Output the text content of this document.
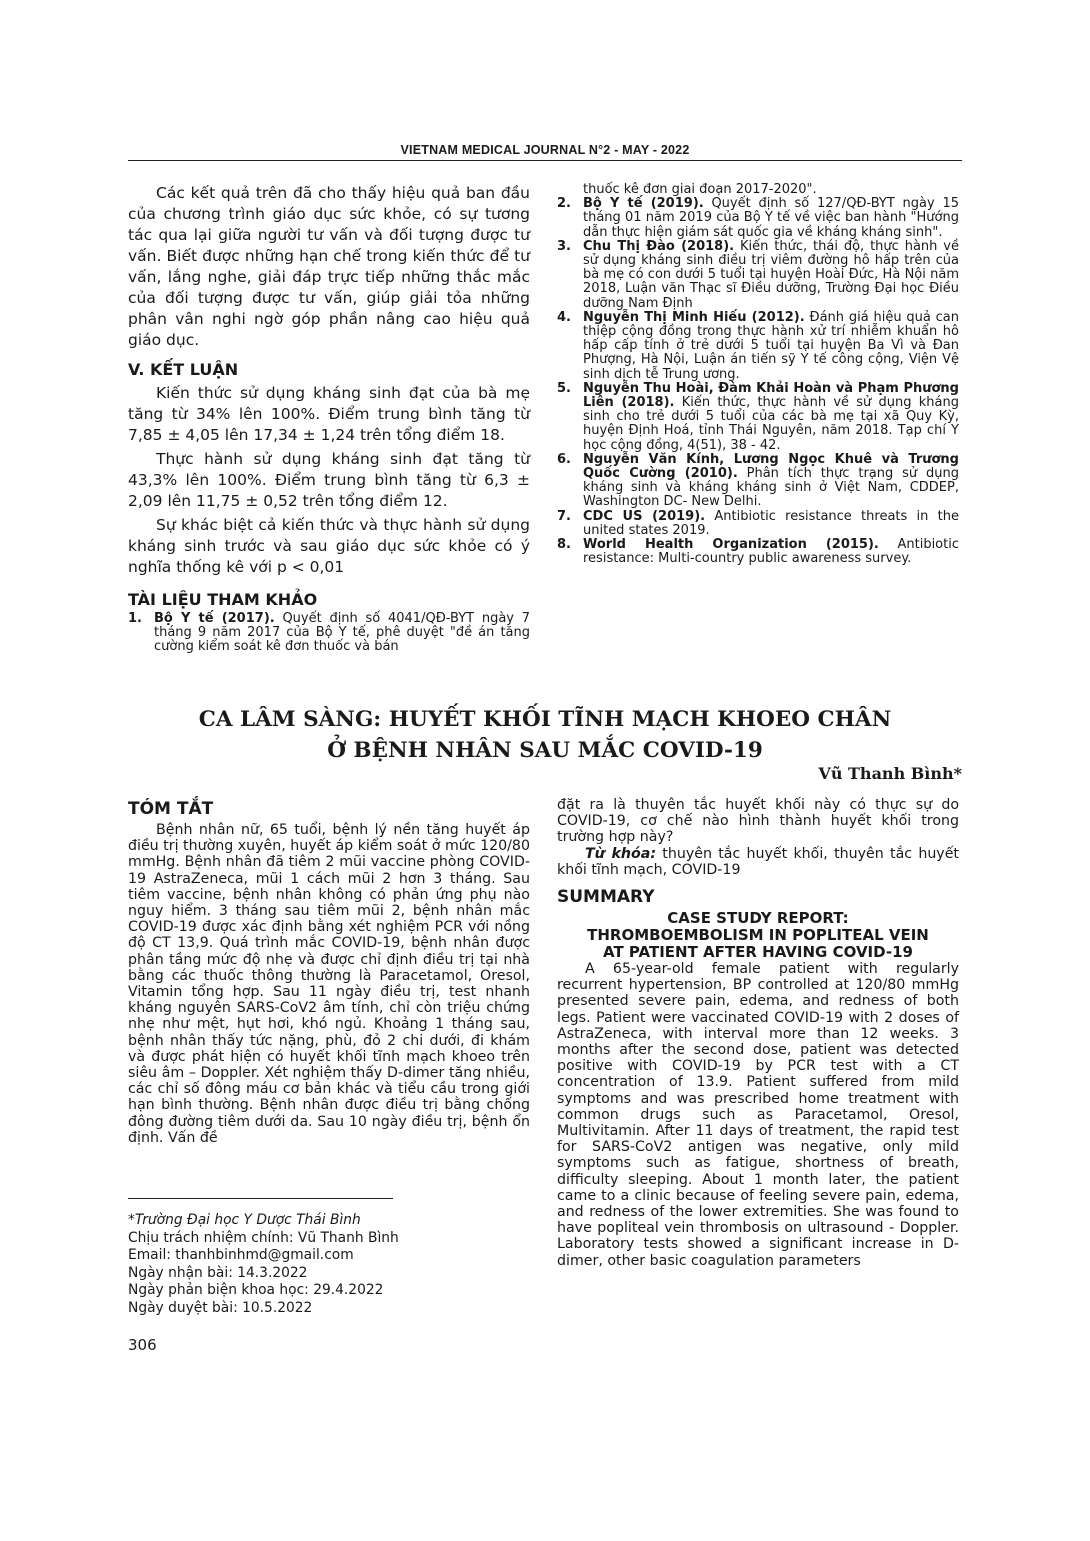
VIETNAM MEDICAL JOURNAL N°2 - MAY - 2022

Các kết quả trên đã cho thấy hiệu quả ban đầu của chương trình giáo dục sức khỏe, có sự tương tác qua lại giữa người tư vấn và đối tượng được tư vấn. Biết được những hạn chế trong kiến thức để tư vấn, lắng nghe, giải đáp trực tiếp những thắc mắc của đối tượng được tư vấn, giúp giải tỏa những phân vân nghi ngờ góp phần nâng cao hiệu quả giáo dục.

V. KẾT LUẬN

Kiến thức sử dụng kháng sinh đạt của bà mẹ tăng từ 34% lên 100%. Điểm trung bình tăng từ 7,85 ± 4,05 lên 17,34 ± 1,24 trên tổng điểm 18.

Thực hành sử dụng kháng sinh đạt tăng từ 43,3% lên 100%. Điểm trung bình tăng từ 6,3 ± 2,09 lên 11,75 ± 0,52 trên tổng điểm 12.

Sự khác biệt cả kiến thức và thực hành sử dụng kháng sinh trước và sau giáo dục sức khỏe có ý nghĩa thống kê với p < 0,01

TÀI LIỆU THAM KHẢO
1. Bộ Y tế (2017). Quyết định số 4041/QĐ-BYT ngày 7 tháng 9 năm 2017 của Bộ Y tế, phê duyệt "đề án tăng cường kiểm soát kê đơn thuốc và bán
thuốc kê đơn giai đoạn 2017-2020".
2. Bộ Y tế (2019). Quyết định số 127/QĐ-BYT ngày 15 tháng 01 năm 2019 của Bộ Y tế về việc ban hành "Hướng dẫn thực hiện giám sát quốc gia về kháng kháng sinh".
3. Chu Thị Đào (2018). Kiến thức, thái độ, thực hành về sử dụng kháng sinh điều trị viêm đường hô hấp trên của bà mẹ có con dưới 5 tuổi tại huyện Hoài Đức, Hà Nội năm 2018, Luận văn Thạc sĩ Điều dưỡng, Trường Đại học Điều dưỡng Nam Định
4. Nguyễn Thị Minh Hiếu (2012). Đánh giá hiệu quả can thiệp cộng đồng trong thực hành xử trí nhiễm khuẩn hô hấp cấp tính ở trẻ dưới 5 tuổi tại huyện Ba Vì và Đan Phượng, Hà Nội, Luận án tiến sỹ Y tế công cộng, Viện Vệ sinh dịch tễ Trung ương.
5. Nguyễn Thu Hoài, Đàm Khải Hoàn và Phạm Phương Liên (2018). Kiến thức, thực hành về sử dụng kháng sinh cho trẻ dưới 5 tuổi của các bà mẹ tại xã Quy Kỳ, huyện Định Hoá, tỉnh Thái Nguyên, năm 2018. Tạp chí Y học cộng đồng, 4(51), 38 - 42.
6. Nguyễn Văn Kính, Lương Ngọc Khuê và Trương Quốc Cường (2010). Phân tích thực trạng sử dụng kháng sinh và kháng kháng sinh ở Việt Nam, CDDEP, Washington DC- New Delhi.
7. CDC US (2019). Antibiotic resistance threats in the united states 2019.
8. World Health Organization (2015). Antibiotic resistance: Multi-country public awareness survey.
CA LÂM SÀNG: HUYẾT KHỐI TĨNH MẠCH KHOEO CHÂN
Ở BỆNH NHÂN SAU MẮC COVID-19
Vũ Thanh Bình*
TÓM TẮT

Bệnh nhân nữ, 65 tuổi, bệnh lý nền tăng huyết áp điều trị thường xuyên, huyết áp kiểm soát ở mức 120/80 mmHg. Bệnh nhân đã tiêm 2 mũi vaccine phòng COVID-19 AstraZeneca, mũi 1 cách mũi 2 hơn 3 tháng. Sau tiêm vaccine, bệnh nhân không có phản ứng phụ nào nguy hiểm. 3 tháng sau tiêm mũi 2, bệnh nhân mắc COVID-19 được xác định bằng xét nghiệm PCR với nồng độ CT 13,9. Quá trình mắc COVID-19, bệnh nhân được phân tầng mức độ nhẹ và được chỉ định điều trị tại nhà bằng các thuốc thông thường là Paracetamol, Oresol, Vitamin tổng hợp. Sau 11 ngày điều trị, test nhanh kháng nguyên SARS-CoV2 âm tính, chỉ còn triệu chứng nhẹ như mệt, hụt hơi, khó ngủ. Khoảng 1 tháng sau, bệnh nhân thấy tức nặng, phù, đỏ 2 chi dưới, đi khám và được phát hiện có huyết khối tĩnh mạch khoeo trên siêu âm – Doppler. Xét nghiệm thấy D-dimer tăng nhiều, các chỉ số đông máu cơ bản khác và tiểu cầu trong giới hạn bình thường. Bệnh nhân được điều trị bằng chống đông đường tiêm dưới da. Sau 10 ngày điều trị, bệnh ổn định. Vấn đề

đặt ra là thuyên tắc huyết khối này có thực sự do COVID-19, cơ chế nào hình thành huyết khối trong trường hợp này?

Từ khóa: thuyên tắc huyết khối, thuyên tắc huyết khối tĩnh mạch, COVID-19

SUMMARY
CASE STUDY REPORT:
THROMBOEMBOLISM IN POPLITEAL VEIN
AT PATIENT AFTER HAVING COVID-19

A 65-year-old female patient with regularly recurrent hypertension, BP controlled at 120/80 mmHg presented severe pain, edema, and redness of both legs. Patient were vaccinated COVID-19 with 2 doses of AstraZeneca, with interval more than 12 weeks. 3 months after the second dose, patient was detected positive with COVID-19 by PCR test with a CT concentration of 13.9. Patient suffered from mild symptoms and was prescribed home treatment with common drugs such as Paracetamol, Oresol, Multivitamin. After 11 days of treatment, the rapid test for SARS-CoV2 antigen was negative, only mild symptoms such as fatigue, shortness of breath, difficulty sleeping. About 1 month later, the patient came to a clinic because of feeling severe pain, edema, and redness of the lower extremities. She was found to have popliteal vein thrombosis on ultrasound - Doppler. Laboratory tests showed a significant increase in D-dimer, other basic coagulation parameters

*Trường Đại học Y Dược Thái Bình
Chịu trách nhiệm chính: Vũ Thanh Bình
Email: thanhbinhmd@gmail.com
Ngày nhận bài: 14.3.2022
Ngày phản biện khoa học: 29.4.2022
Ngày duyệt bài: 10.5.2022
306
